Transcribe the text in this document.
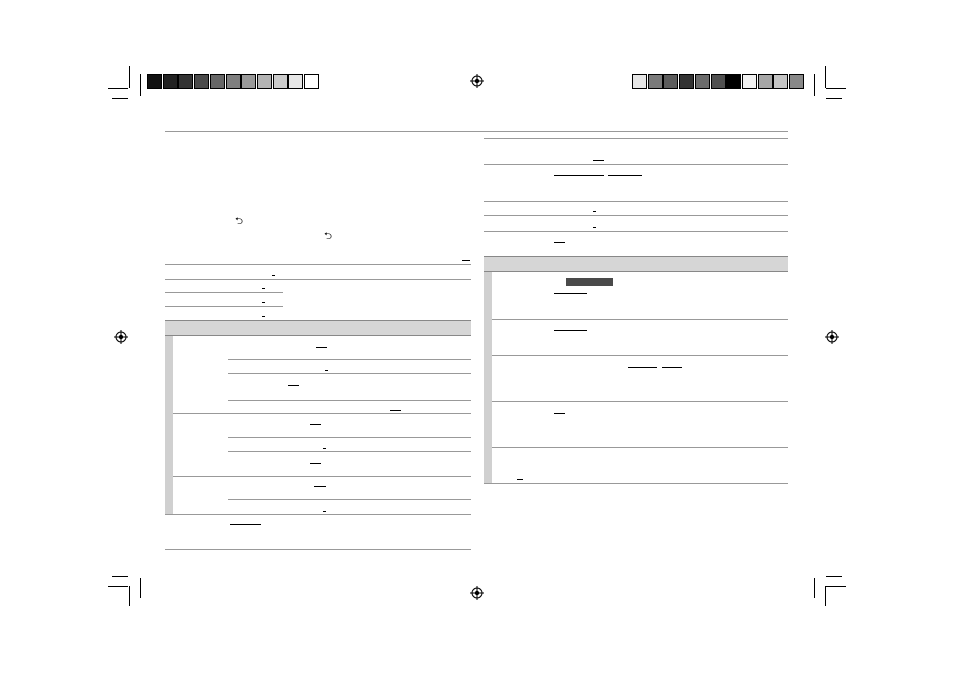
⮌
⮌
